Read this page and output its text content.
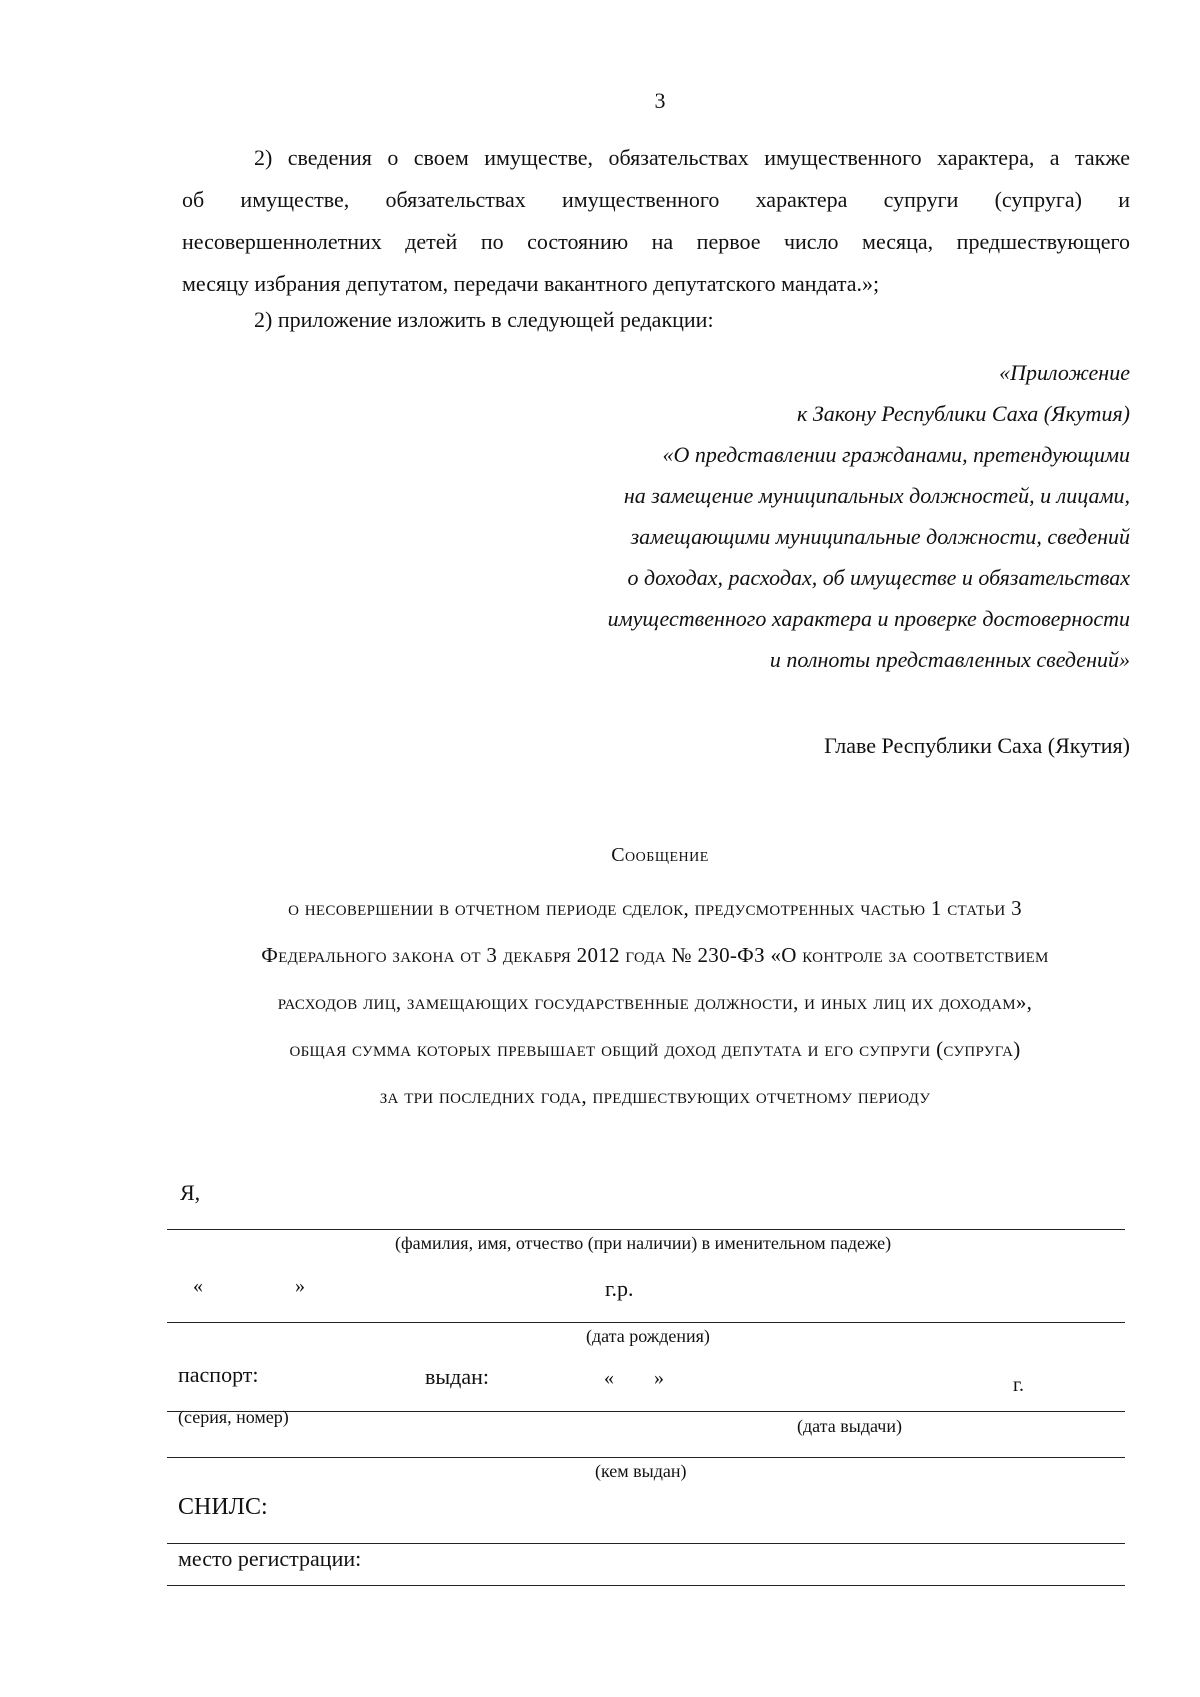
3
2) сведения о своем имуществе, обязательствах имущественного характера, а также
об имуществе, обязательствах имущественного характера супруги (супруга) и
несовершеннолетних детей по состоянию на первое число месяца, предшествующего
месяцу избрания депутатом, передачи вакантного депутатского мандата.»;
2) приложение изложить в следующей редакции:
«Приложение
к Закону Республики Саха (Якутия)
«О представлении гражданами, претендующими
на замещение муниципальных должностей, и лицами,
замещающими муниципальные должности, сведений
о доходах, расходах, об имуществе и обязательствах
имущественного характера и проверке достоверности
и полноты представленных сведений»
Главе Республики Саха (Якутия)
Сообщение
о несовершении в отчетном периоде сделок, предусмотренных частью 1 статьи 3
Федерального закона от 3 декабря 2012 года № 230-ФЗ «О контроле за соответствием
расходов лиц, замещающих государственные должности, и иных лиц их доходам»,
общая сумма которых превышает общий доход депутата и его супруги (супруга)
за три последних года, предшествующих отчетному периоду
Я,
(фамилия, имя, отчество (при наличии) в именительном падеже)
«	»	г.р.
(дата рождения)
паспорт:	выдан:	« »	г.
(серия, номер)	(дата выдачи)
(кем выдан)
СНИЛС:
место регистрации:
